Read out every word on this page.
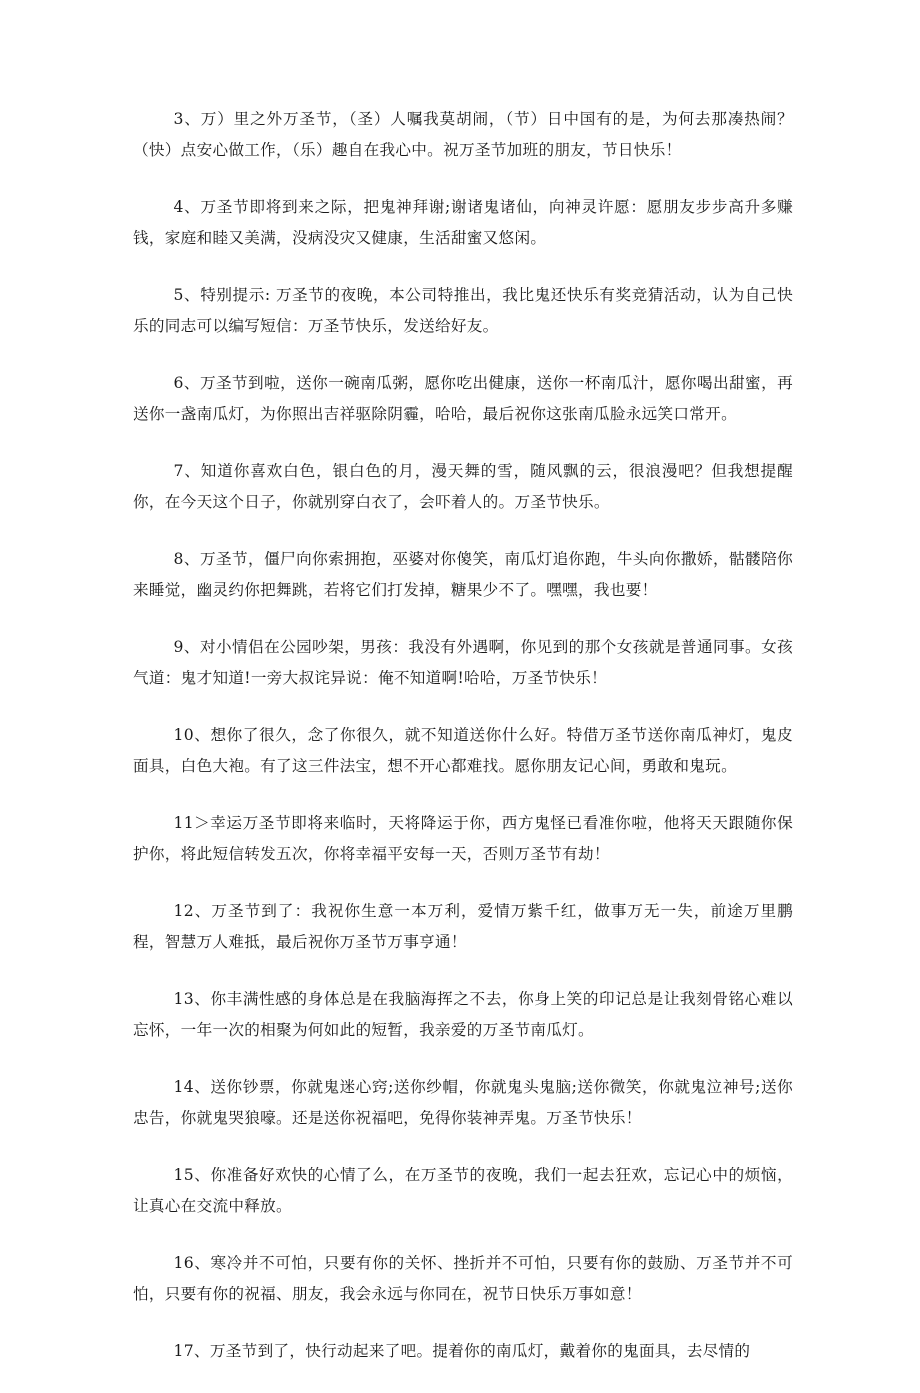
3、万）里之外万圣节，（圣）人嘱我莫胡闹，（节）日中国有的是，为何去那凑热闹？（快）点安心做工作，（乐）趣自在我心中。祝万圣节加班的朋友，节日快乐！

4、万圣节即将到来之际，把鬼神拜谢;谢诸鬼诸仙，向神灵许愿：愿朋友步步高升多赚钱，家庭和睦又美满，没病没灾又健康，生活甜蜜又悠闲。

5、特别提示: 万圣节的夜晚，本公司特推出，我比鬼还快乐有奖竞猜活动，认为自己快乐的同志可以编写短信：万圣节快乐，发送给好友。

6、万圣节到啦，送你一碗南瓜粥，愿你吃出健康，送你一杯南瓜汁，愿你喝出甜蜜，再送你一盏南瓜灯，为你照出吉祥驱除阴霾，哈哈，最后祝你这张南瓜脸永远笑口常开。

7、知道你喜欢白色，银白色的月，漫天舞的雪，随风飘的云，很浪漫吧？但我想提醒你，在今天这个日子，你就别穿白衣了，会吓着人的。万圣节快乐。

8、万圣节，僵尸向你索拥抱，巫婆对你傻笑，南瓜灯追你跑，牛头向你撒娇，骷髅陪你来睡觉，幽灵约你把舞跳，若将它们打发掉，糖果少不了。嘿嘿，我也要！

9、对小情侣在公园吵架，男孩：我没有外遇啊，你见到的那个女孩就是普通同事。女孩气道：鬼才知道!一旁大叔诧异说：俺不知道啊!哈哈，万圣节快乐！

10、想你了很久，念了你很久，就不知道送你什么好。特借万圣节送你南瓜神灯，鬼皮面具，白色大袍。有了这三件法宝，想不开心都难找。愿你朋友记心间，勇敢和鬼玩。

11＞幸运万圣节即将来临时，天将降运于你，西方鬼怪已看准你啦，他将天天跟随你保护你，将此短信转发五次，你将幸福平安每一天，否则万圣节有劫！

12、万圣节到了：我祝你生意一本万利，爱情万紫千红，做事万无一失，前途万里鹏程，智慧万人难抵，最后祝你万圣节万事亨通！

13、你丰满性感的身体总是在我脑海挥之不去，你身上笑的印记总是让我刻骨铭心难以忘怀，一年一次的相聚为何如此的短暂，我亲爱的万圣节南瓜灯。

14、送你钞票，你就鬼迷心窍;送你纱帽，你就鬼头鬼脑;送你微笑，你就鬼泣神号;送你忠告，你就鬼哭狼嚎。还是送你祝福吧，免得你装神弄鬼。万圣节快乐！

15、你准备好欢快的心情了么，在万圣节的夜晚，我们一起去狂欢，忘记心中的烦恼，让真心在交流中释放。

16、寒冷并不可怕，只要有你的关怀、挫折并不可怕，只要有你的鼓励、万圣节并不可怕，只要有你的祝福、朋友，我会永远与你同在，祝节日快乐万事如意！

17、万圣节到了，快行动起来了吧。提着你的南瓜灯，戴着你的鬼面具，去尽情的
